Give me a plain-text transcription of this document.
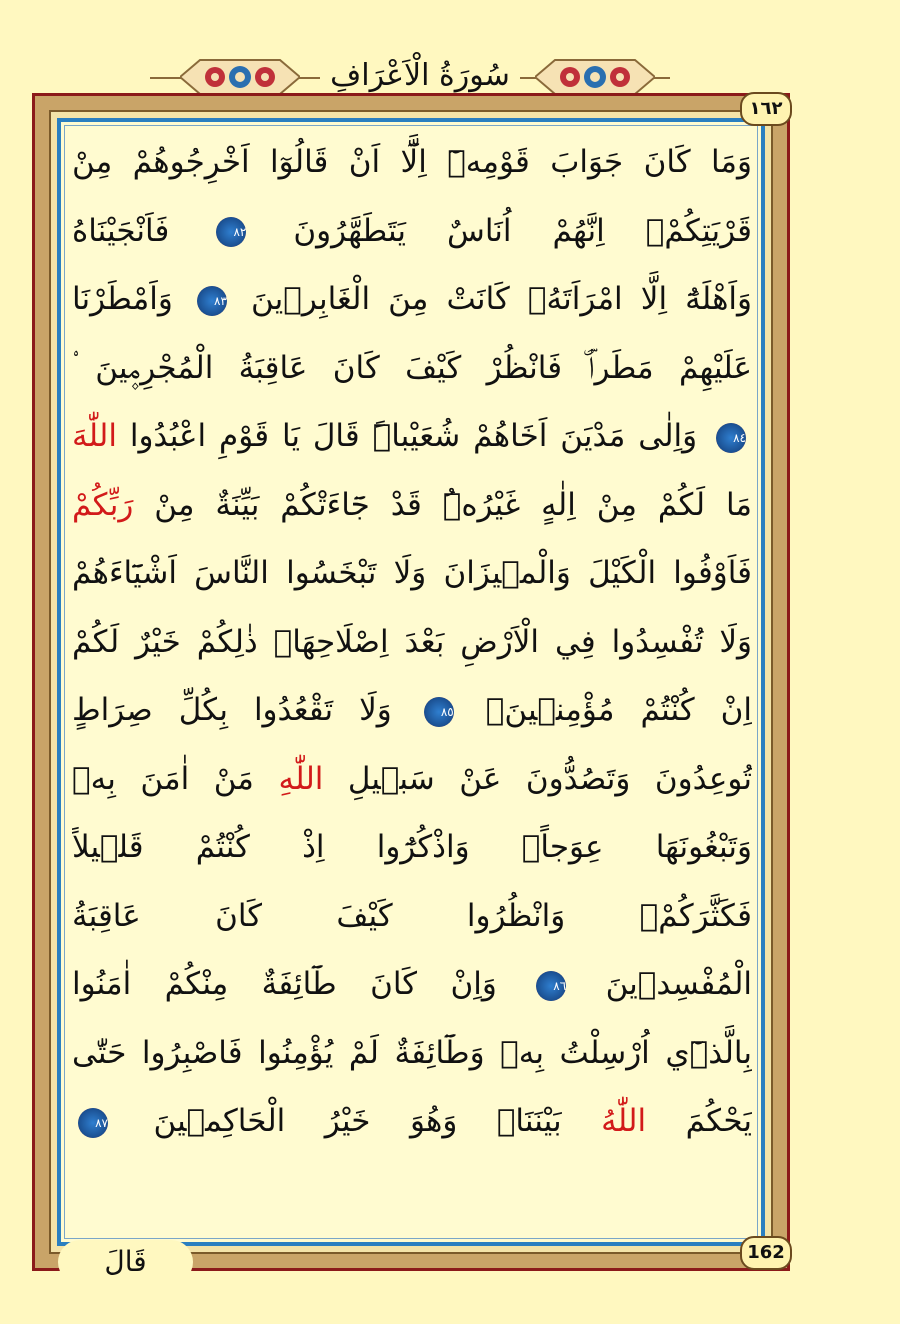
سُورَةُ الْاَعْرَافِ
١٦٢
162
وَمَا كَانَ جَوَابَ قَوْمِه۪ٓ اِلَّٓا اَنْ قَالُوٓا اَخْرِجُوهُمْ مِنْ
قَرْيَتِكُمْۚ اِنَّهُمْ اُنَاسٌ يَتَطَهَّرُونَ ٨٢ فَاَنْجَيْنَاهُ
وَاَهْلَهُٓ اِلَّا امْرَاَتَهُۘ كَانَتْ مِنَ الْغَابِر۪ينَ ٨٣ وَاَمْطَرْنَا
عَلَيْهِمْ مَطَراًۜ فَانْظُرْ كَيْفَ كَانَ عَاقِبَةُ الْمُجْرِم۪ينَ ۟
٨٤ وَاِلٰى مَدْيَنَ اَخَاهُمْ شُعَيْباًۜ قَالَ يَا قَوْمِ اعْبُدُوا اللّٰهَ
مَا لَكُمْ مِنْ اِلٰهٍ غَيْرُهُۜ قَدْ جَٓاءَتْكُمْ بَيِّنَةٌ مِنْ رَبِّكُمْ
فَاَوْفُوا الْكَيْلَ وَالْم۪يزَانَ وَلَا تَبْخَسُوا النَّاسَ اَشْيَٓاءَهُمْ
وَلَا تُفْسِدُوا فِي الْاَرْضِ بَعْدَ اِصْلَاحِهَاۜ ذٰلِكُمْ خَيْرٌ لَكُمْ
اِنْ كُنْتُمْ مُؤْمِن۪ينَۚ ٨٥ وَلَا تَقْعُدُوا بِكُلِّ صِرَاطٍ
تُوعِدُونَ وَتَصُدُّونَ عَنْ سَب۪يلِ اللّٰهِ مَنْ اٰمَنَ بِه۪
وَتَبْغُونَهَا عِوَجاًۚ وَاذْكُرُٓوا اِذْ كُنْتُمْ قَل۪يلاً
فَكَثَّرَكُمْۖ وَانْظُرُوا كَيْفَ كَانَ عَاقِبَةُ
الْمُفْسِد۪ينَ ٨٦ وَاِنْ كَانَ طَٓائِفَةٌ مِنْكُمْ اٰمَنُوا
بِالَّذ۪ٓي اُرْسِلْتُ بِه۪ وَطَٓائِفَةٌ لَمْ يُؤْمِنُوا فَاصْبِرُوا حَتّٰى
يَحْكُمَ اللّٰهُ بَيْنَنَاۚ وَهُوَ خَيْرُ الْحَاكِم۪ينَ ٨٧
قَالَ
